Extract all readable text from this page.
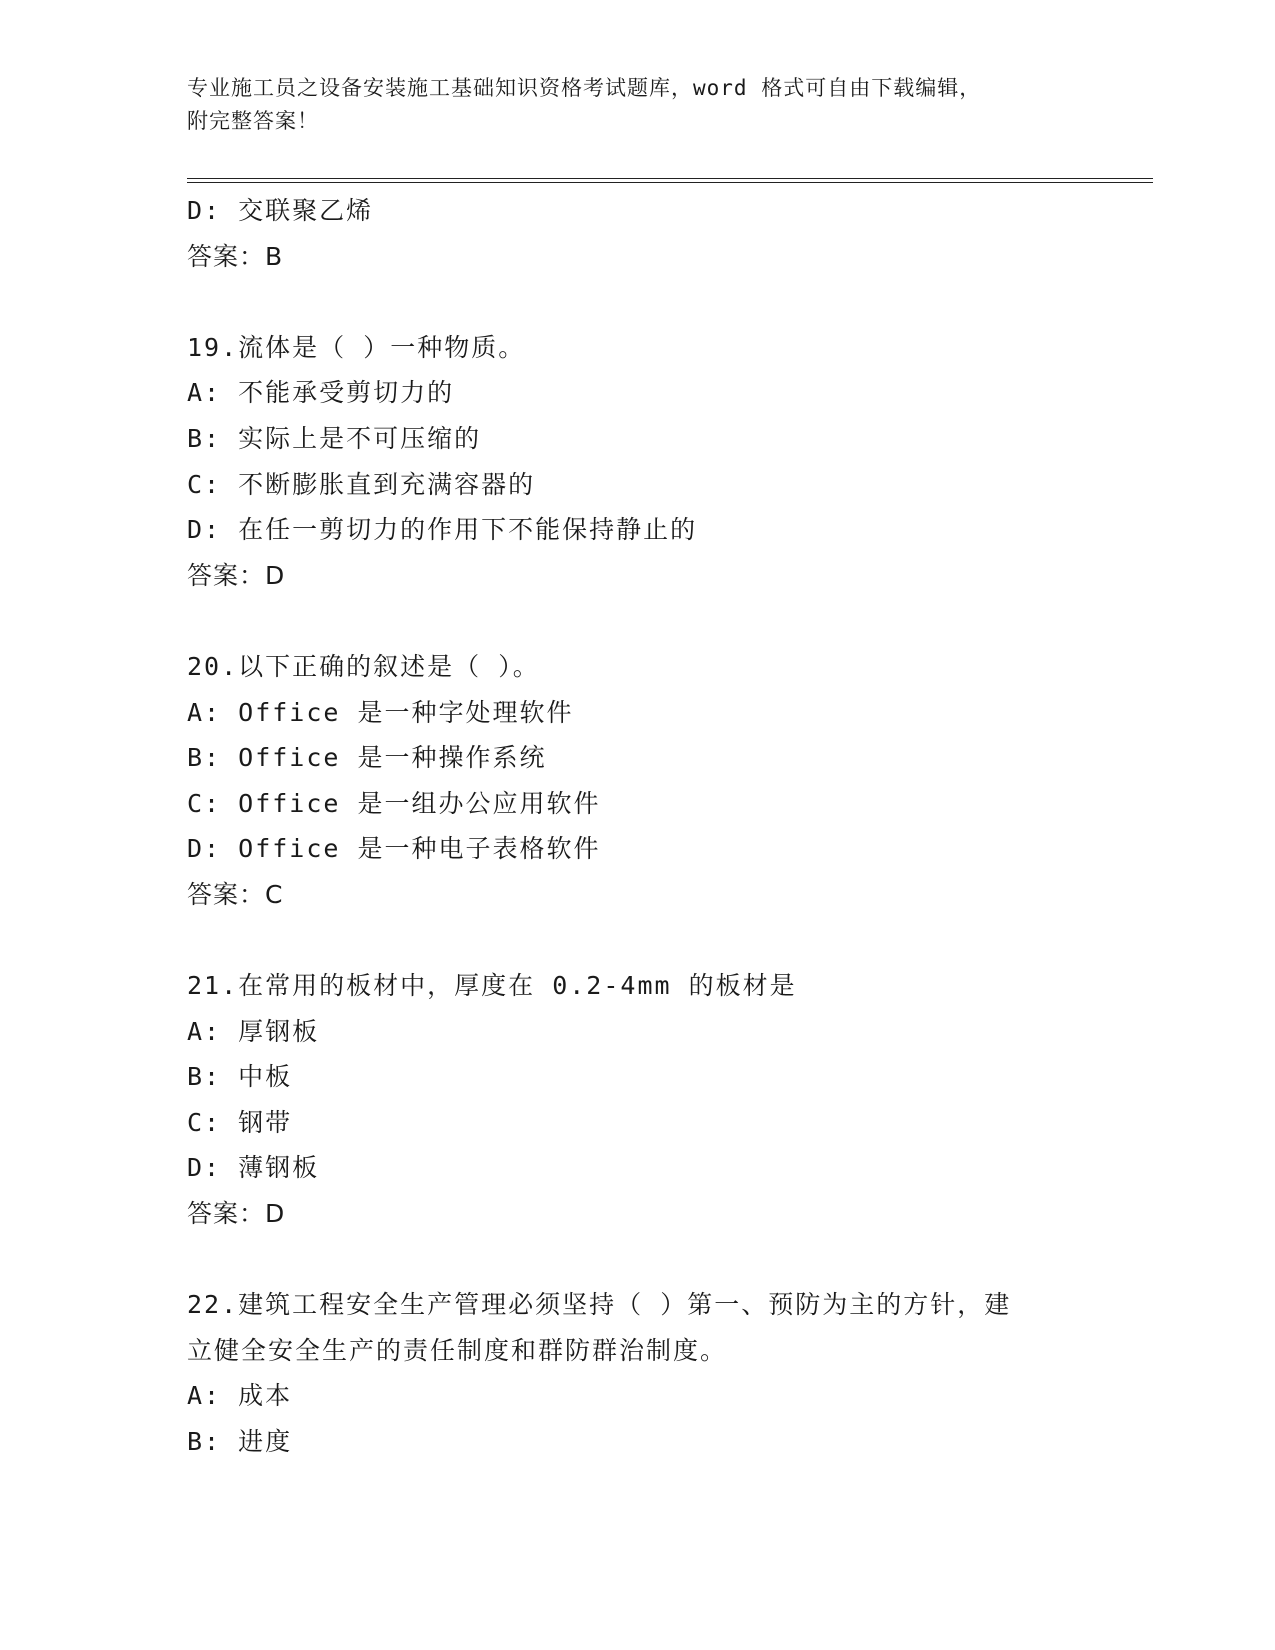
专业施工员之设备安装施工基础知识资格考试题库，word 格式可自由下载编辑，
附完整答案！
D: 交联聚乙烯
答案：B
19.流体是（ ）一种物质。
A: 不能承受剪切力的
B: 实际上是不可压缩的
C: 不断膨胀直到充满容器的
D: 在任一剪切力的作用下不能保持静止的
答案：D
20.以下正确的叙述是（ ）。
A: Office 是一种字处理软件
B: Office 是一种操作系统
C: Office 是一组办公应用软件
D: Office 是一种电子表格软件
答案：C
21.在常用的板材中，厚度在 0.2-4mm 的板材是
A: 厚钢板
B: 中板
C: 钢带
D: 薄钢板
答案：D
22.建筑工程安全生产管理必须坚持（ ）第一、预防为主的方针，建
立健全安全生产的责任制度和群防群治制度。
A: 成本
B: 进度
